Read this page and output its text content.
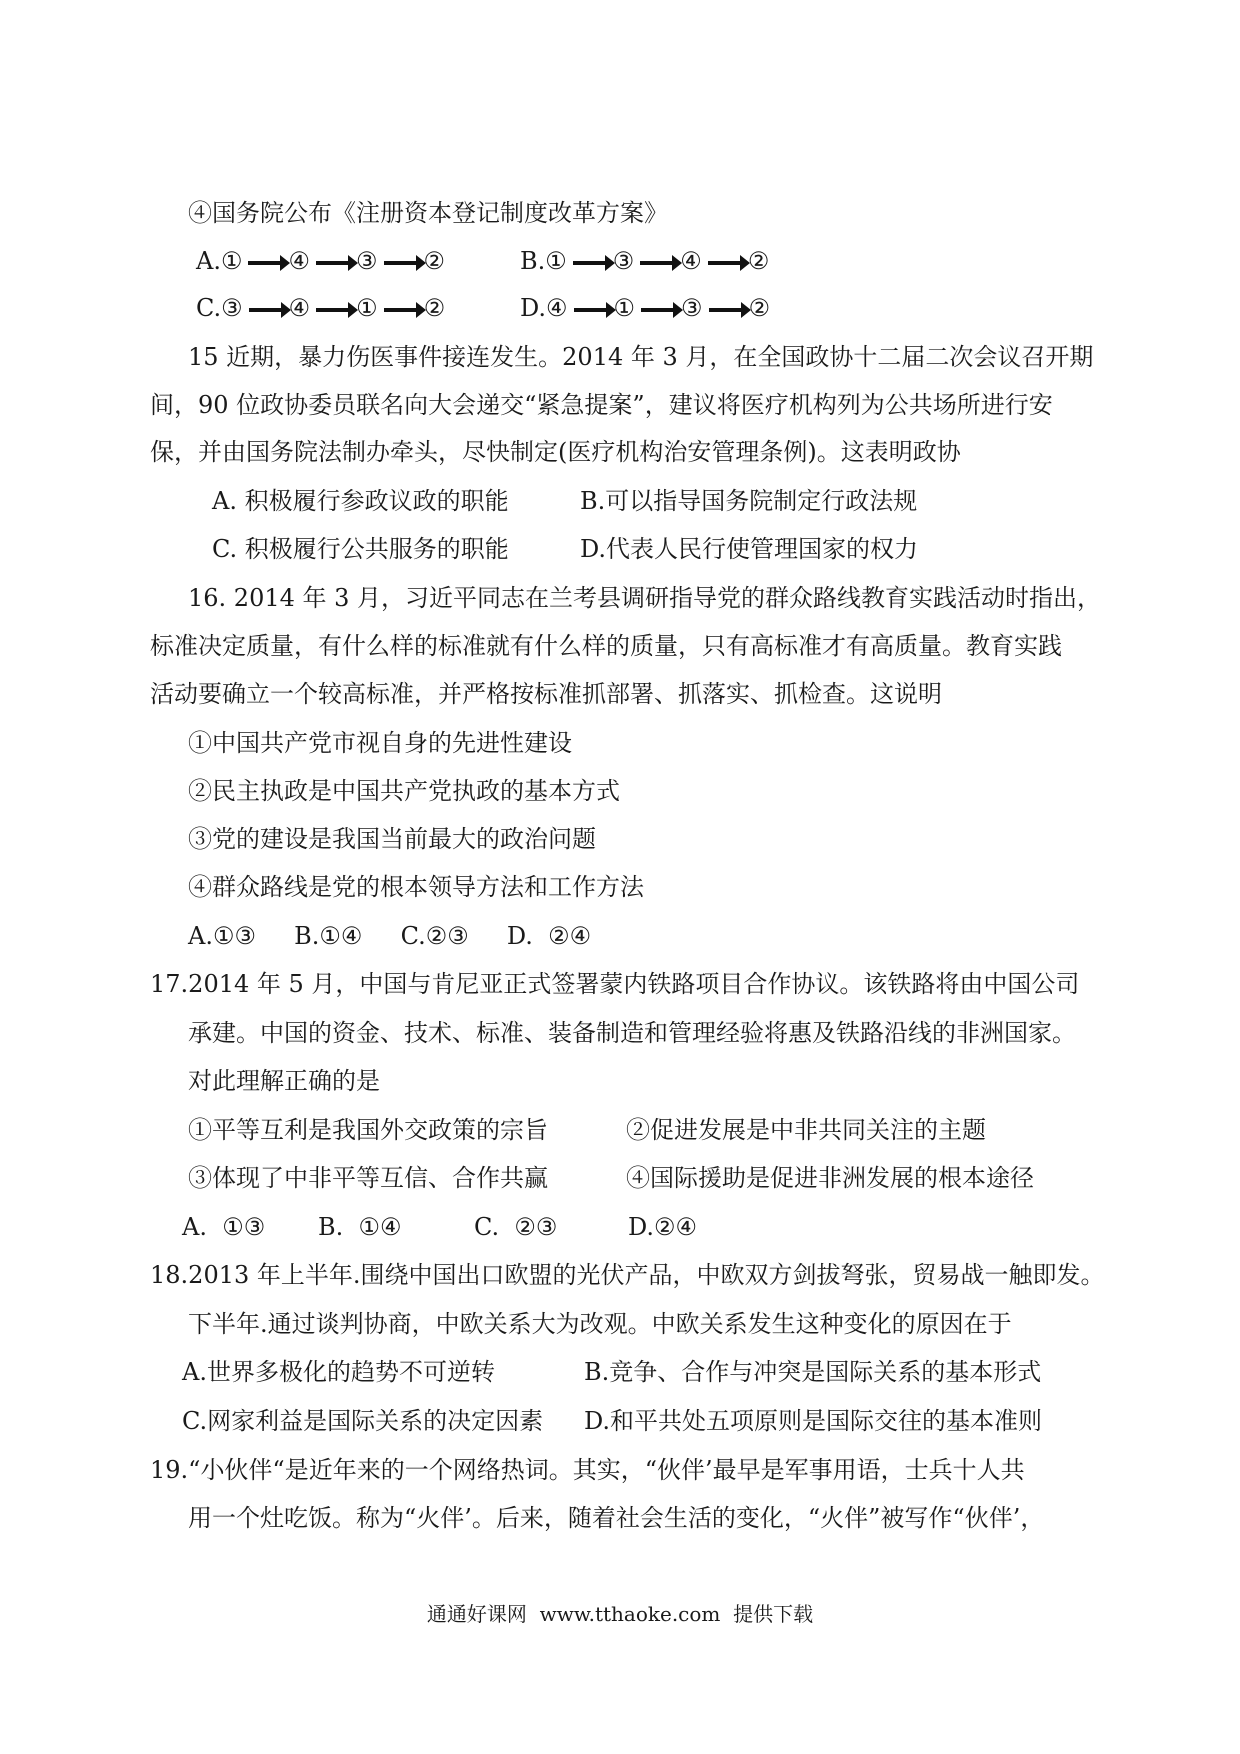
④国务院公布《注册资本登记制度改革方案》
A.① ④ ③ ②	B.① ③ ④ ②
C.③ ④ ① ②	D.④ ① ③ ②
15 近期，暴力伤医事件接连发生。2014 年 3 月，在全国政协十二届二次会议召开期
间，90 位政协委员联名向大会递交“紧急提案”，建议将医疗机构列为公共场所进行安
保，并由国务院法制办牵头，尽快制定(医疗机构治安管理条例)。这表明政协
A. 积极履行参政议政的职能	B.可以指导国务院制定行政法规
C. 积极履行公共服务的职能	D.代表人民行使管理国家的权力
16. 2014 年 3 月，习近平同志在兰考县调研指导党的群众路线教育实践活动时指出，
标准决定质量，有什么样的标准就有什么样的质量，只有高标准才有高质量。教育实践
活动要确立一个较高标准，并严格按标准抓部署、抓落实、抓检查。这说明
①中国共产党市视自身的先进性建设
②民主执政是中国共产党执政的基本方式
③党的建设是我国当前最大的政治问题
④群众路线是党的根本领导方法和工作方法
A.①③     B.①④     C.②③     D.  ②④
17.2014 年 5 月，中国与肯尼亚正式签署蒙内铁路项目合作协议。该铁路将由中国公司
承建。中国的资金、技术、标准、装备制造和管理经验将惠及铁路沿线的非洲国家。
对此理解正确的是
①平等互利是我国外交政策的宗旨	②促进发展是中非共同关注的主题
③体现了中非平等互信、合作共赢	④国际援助是促进非洲发展的根本途径
A.  ①③ B.  ①④	C.  ②③	D.②④
18.2013 年上半年.围绕中国出口欧盟的光伏产品，中欧双方剑拔弩张，贸易战一触即发。
下半年.通过谈判协商，中欧关系大为改观。中欧关系发生这种变化的原因在于
A.世界多极化的趋势不可逆转	B.竞争、合作与冲突是国际关系的基本形式
C.网家利益是国际关系的决定因素 D.和平共处五项原则是国际交往的基本准则
19.“小伙伴“是近年来的一个网络热词。其实，“伙伴’最早是军事用语，士兵十人共
用一个灶吃饭。称为“火伴’。后来，随着社会生活的变化，“火伴”被写作“伙伴’，
通通好课网  www.tthaoke.com  提供下载
